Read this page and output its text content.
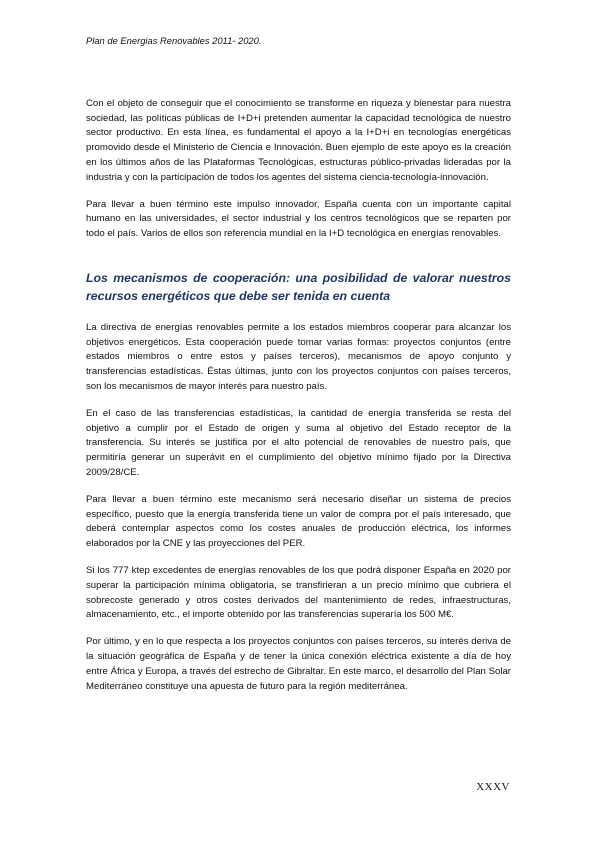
Plan de Energias Renovables 2011- 2020.

Con el objeto de conseguir que el conocimiento se transforme en riqueza y bienestar para nuestra sociedad, las políticas públicas de I+D+i pretenden aumentar la capacidad tecnológica de nuestro sector productivo. En esta línea, es fundamental el apoyo a la I+D+i en tecnologías energéticas promovido desde el Ministerio de Ciencia e Innovación. Buen ejemplo de este apoyo es la creación en los últimos años de las Plataformas Tecnológicas, estructuras público-privadas lideradas por la industria y con la participación de todos los agentes del sistema ciencia-tecnología-innovación.

Para llevar a buen término este impulso innovador, España cuenta con un importante capital humano en las universidades, el sector industrial y los centros tecnológicos que se reparten por todo el país. Varios de ellos son referencia mundial en la I+D tecnológica en energías renovables.

Los mecanismos de cooperación: una posibilidad de valorar nuestros recursos energéticos que debe ser tenida en cuenta

La directiva de energías renovables permite a los estados miembros cooperar para alcanzar los objetivos energéticos. Esta cooperación puede tomar varias formas: proyectos conjuntos (entre estados miembros o entre estos y países terceros), mecanismos de apoyo conjunto y transferencias estadísticas. Éstas últimas, junto con los proyectos conjuntos con países terceros, son los mecanismos de mayor interés para nuestro país.

En el caso de las transferencias estadísticas, la cantidad de energía transferida se resta del objetivo a cumplir por el Estado de origen y suma al objetivo del Estado receptor de la transferencia. Su interés se justifica por el alto potencial de renovables de nuestro país, que permitiría generar un superávit en el cumplimiento del objetivo mínimo fijado por la Directiva 2009/28/CE.

Para llevar a buen término este mecanismo será necesario diseñar un sistema de precios específico, puesto que la energía transferida tiene un valor de compra por el país interesado, que deberá contemplar aspectos como los costes anuales de producción eléctrica, los informes elaborados por la CNE y las proyecciones del PER.

Si los 777 ktep excedentes de energías renovables de los que podrá disponer España en 2020 por superar la participación mínima obligatoria, se transfirieran a un precio mínimo que cubriera el sobrecoste generado y otros costes derivados del mantenimiento de redes, infraestructuras, almacenamiento, etc., el importe obtenido por las transferencias superaría los 500 M€.

Por último, y en lo que respecta a los proyectos conjuntos con países terceros, su interés deriva de la situación geográfica de España y de tener la única conexión eléctrica existente a día de hoy entre África y Europa, a través del estrecho de Gibraltar. En este marco, el desarrollo del Plan Solar Mediterráneo constituye una apuesta de futuro para la región mediterránea.

XXXV
